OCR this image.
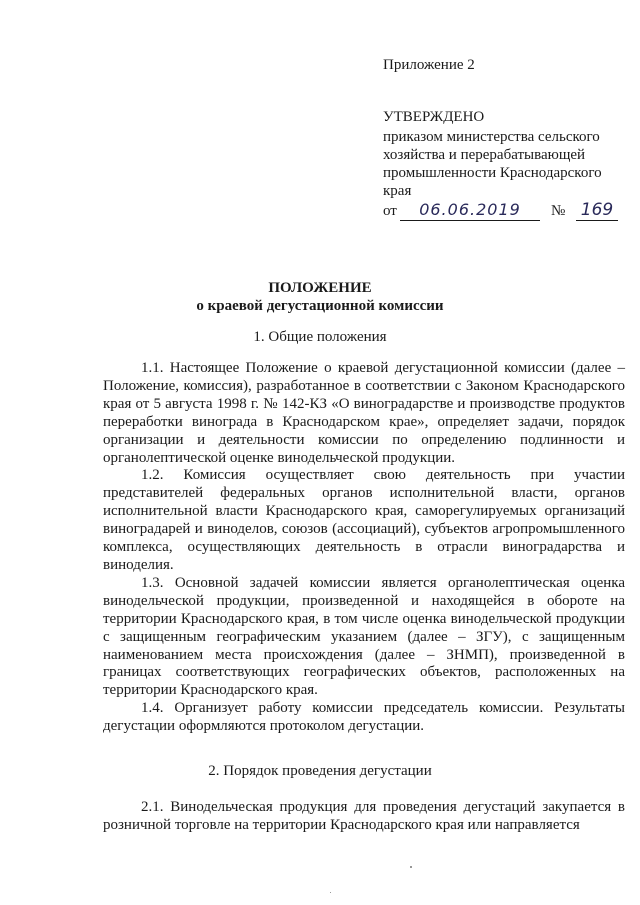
Приложение 2
УТВЕРЖДЕНО
приказом министерства сельского хозяйства и перерабатывающей промышленности Краснодарского края
от	06.06.2019	№ 169
ПОЛОЖЕНИЕ
о краевой дегустационной комиссии
1. Общие положения

1.1. Настоящее Положение о краевой дегустационной комиссии (далее – Положение, комиссия), разработанное в соответствии с Законом Краснодарского края от 5 августа 1998 г. № 142-КЗ «О виноградарстве и производстве продуктов переработки винограда в Краснодарском крае», определяет задачи, порядок организации и деятельности комиссии по определению подлинности и органолептической оценке винодельческой продукции.

1.2. Комиссия осуществляет свою деятельность при участии представителей федеральных органов исполнительной власти, органов исполнительной власти Краснодарского края, саморегулируемых организаций виноградарей и виноделов, союзов (ассоциаций), субъектов агропромышленного комплекса, осуществляющих деятельность в отрасли виноградарства и виноделия.

1.3. Основной задачей комиссии является органолептическая оценка винодельческой продукции, произведенной и находящейся в обороте на территории Краснодарского края, в том числе оценка винодельческой продукции с защищенным географическим указанием (далее – ЗГУ), с защищенным наименованием места происхождения (далее – ЗНМП), произведенной в границах соответствующих географических объектов, расположенных на территории Краснодарского края.

1.4. Организует работу комиссии председатель комиссии. Результаты дегустации оформляются протоколом дегустации.

2. Порядок проведения дегустации

2.1. Винодельческая продукция для проведения дегустаций закупается в розничной торговле на территории Краснодарского края или направляется
